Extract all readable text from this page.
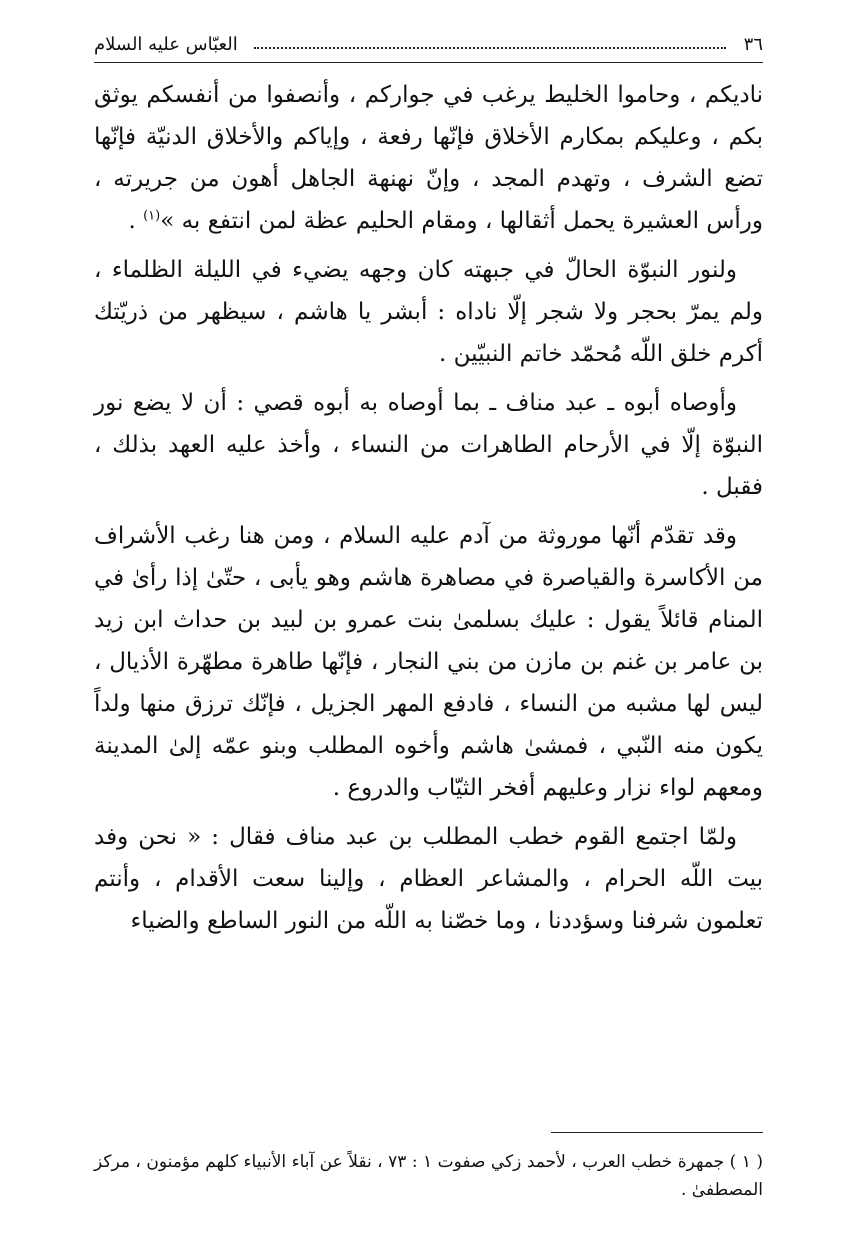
٣٦
العبّاس عليه السلام

ناديكم ، وحاموا الخليط يرغب في جواركم ، وأنصفوا من أنفسكم يوثق بكم ، وعليكم بمكارم الأخلاق فإنّها رفعة ، وإياكم والأخلاق الدنيّة فإنّها تضع الشرف ، وتهدم المجد ، وإنّ نهنهة الجاهل أهون من جريرته ، ورأس العشيرة يحمل أثقالها ، ومقام الحليم عظة لمن انتفع به »$^{(١)}$ .

ولنور النبوّة الحالّ في جبهته كان وجهه يضيء في الليلة الظلماء ، ولم يمرّ بحجر ولا شجر إلّا ناداه : أبشر يا هاشم ، سيظهر من ذريّتك أكرم خلق اللّه مُحمّد خاتم النبيّين .

وأوصاه أبوه ـ عبد مناف ـ بما أوصاه به أبوه قصي : أن لا يضع نور النبوّة إلّا في الأرحام الطاهرات من النساء ، وأخذ عليه العهد بذلك ، فقبل .

وقد تقدّم أنّها موروثة من آدم عليه السلام ، ومن هنا رغب الأشراف من الأكاسرة والقياصرة في مصاهرة هاشم وهو يأبى ، حتّىٰ إذا رأىٰ في المنام قائلاً يقول : عليك بسلمىٰ بنت عمرو بن لبيد بن حداث ابن زيد بن عامر بن غنم بن مازن من بني النجار ، فإنّها طاهرة مطهّرة الأذيال ، ليس لها مشبه من النساء ، فادفع المهر الجزيل ، فإنّك ترزق منها ولداً يكون منه النّبي ، فمشىٰ هاشم وأخوه المطلب وبنو عمّه إلىٰ المدينة ومعهم لواء نزار وعليهم أفخر الثيّاب والدروع .

ولمّا اجتمع القوم خطب المطلب بن عبد مناف فقال : « نحن وفد بيت اللّه الحرام ، والمشاعر العظام ، وإلينا سعت الأقدام ، وأنتم تعلمون شرفنا وسؤددنا ، وما خصّنا به اللّه من النور الساطع والضياء

( ١ ) جمهرة خطب العرب ، لأحمد زكي صفوت ١ : ٧٣ ، نقلاً عن آباء الأنبياء كلهم مؤمنون ، مركز المصطفىٰ .
